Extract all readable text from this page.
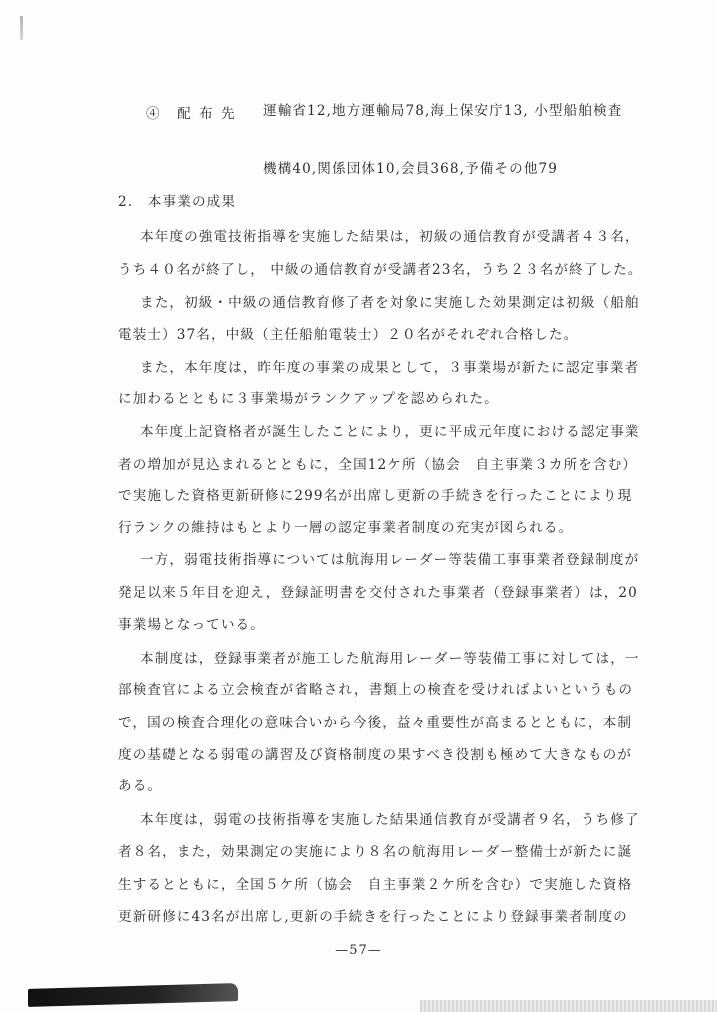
④　配 布 先 運輸省12,地方運輸局78,海上保安庁13, 小型船舶検査
機構40,関係団体10,会員368,予備その他79
2.　本事業の成果
本年度の強電技術指導を実施した結果は，初級の通信教育が受講者４３名，
うち４０名が終了し， 中級の通信教育が受講者23名，うち２３名が終了した。
また，初級・中級の通信教育修了者を対象に実施した効果測定は初級（船舶
電装士）37名，中級（主任船舶電装士）２０名がそれぞれ合格した。
また，本年度は，昨年度の事業の成果として，３事業場が新たに認定事業者
に加わるとともに３事業場がランクアップを認められた。
本年度上記資格者が誕生したことにより，更に平成元年度における認定事業
者の増加が見込まれるとともに，全国12ケ所（協会　自主事業３カ所を含む）
で実施した資格更新研修に299名が出席し更新の手続きを行ったことにより現
行ランクの維持はもとより一層の認定事業者制度の充実が図られる。
一方，弱電技術指導については航海用レーダー等装備工事事業者登録制度が
発足以来５年目を迎え，登録証明書を交付された事業者（登録事業者）は，20
事業場となっている。
本制度は，登録事業者が施工した航海用レーダー等装備工事に対しては，一
部検査官による立会検査が省略され，書類上の検査を受ければよいというもの
で，国の検査合理化の意味合いから今後，益々重要性が高まるとともに，本制
度の基礎となる弱電の講習及び資格制度の果すべき役割も極めて大きなものが
ある。
本年度は，弱電の技術指導を実施した結果通信教育が受講者９名，うち修了
者８名，また，効果測定の実施により８名の航海用レーダー整備士が新たに誕
生するとともに，全国５ケ所（協会　自主事業２ケ所を含む）で実施した資格
更新研修に43名が出席し,更新の手続きを行ったことにより登録事業者制度の
—57—
